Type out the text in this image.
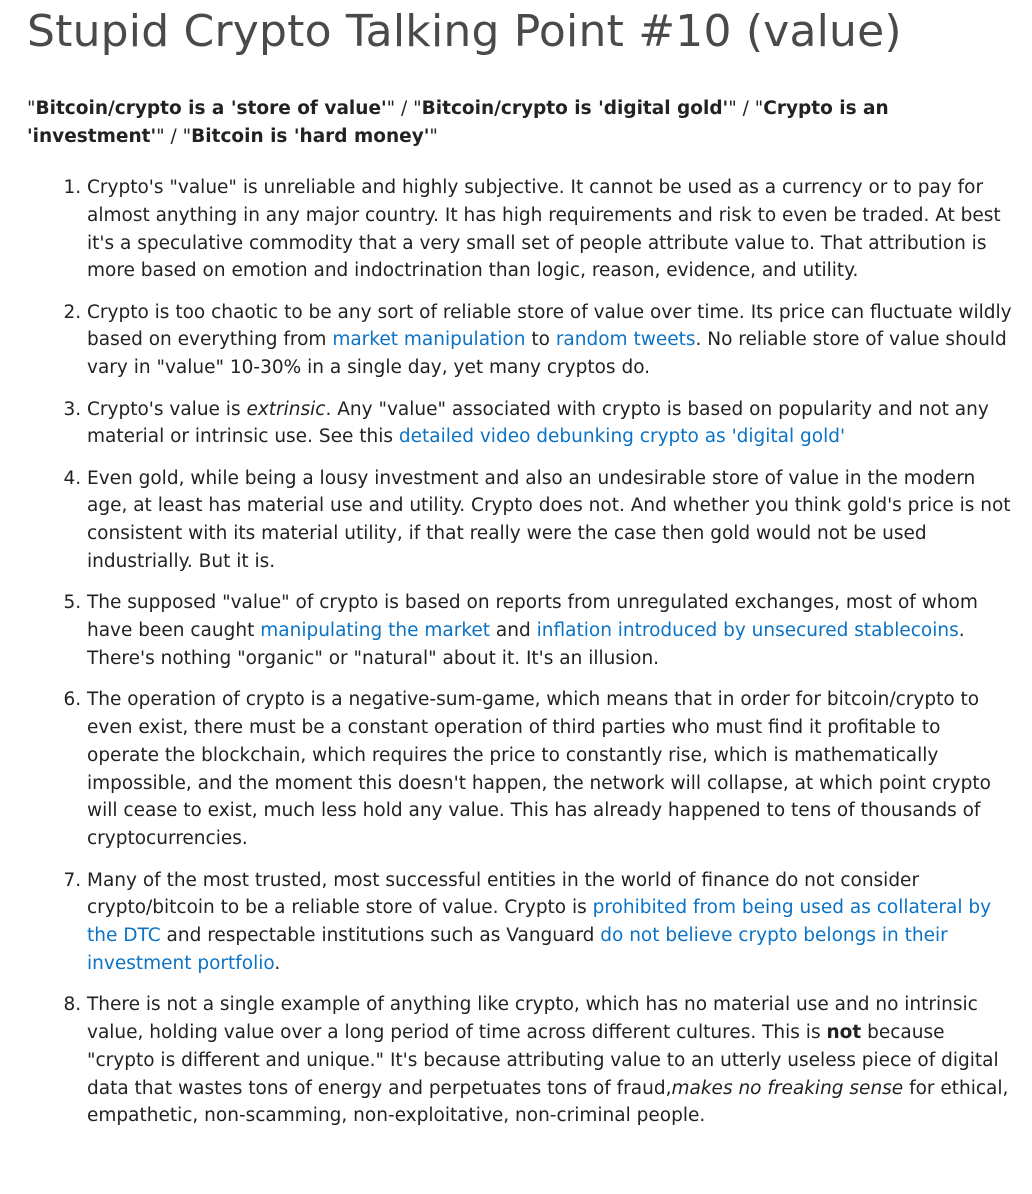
Stupid Crypto Talking Point #10 (value)

"Bitcoin/crypto is a 'store of value'" / "Bitcoin/crypto is 'digital gold'" / "Crypto is an 'investment'" / "Bitcoin is 'hard money'"

1. Crypto's "value" is unreliable and highly subjective. It cannot be used as a currency or to pay for almost anything in any major country. It has high requirements and risk to even be traded. At best it's a speculative commodity that a very small set of people attribute value to. That attribution is more based on emotion and indoctrination than logic, reason, evidence, and utility.
2. Crypto is too chaotic to be any sort of reliable store of value over time. Its price can fluctuate wildly based on everything from market manipulation to random tweets. No reliable store of value should vary in "value" 10-30% in a single day, yet many cryptos do.
3. Crypto's value is extrinsic. Any "value" associated with crypto is based on popularity and not any material or intrinsic use. See this detailed video debunking crypto as 'digital gold'
4. Even gold, while being a lousy investment and also an undesirable store of value in the modern age, at least has material use and utility. Crypto does not. And whether you think gold's price is not consistent with its material utility, if that really were the case then gold would not be used industrially. But it is.
5. The supposed "value" of crypto is based on reports from unregulated exchanges, most of whom have been caught manipulating the market and inflation introduced by unsecured stablecoins. There's nothing "organic" or "natural" about it. It's an illusion.
6. The operation of crypto is a negative-sum-game, which means that in order for bitcoin/crypto to even exist, there must be a constant operation of third parties who must find it profitable to operate the blockchain, which requires the price to constantly rise, which is mathematically impossible, and the moment this doesn't happen, the network will collapse, at which point crypto will cease to exist, much less hold any value. This has already happened to tens of thousands of cryptocurrencies.
7. Many of the most trusted, most successful entities in the world of finance do not consider crypto/bitcoin to be a reliable store of value. Crypto is prohibited from being used as collateral by the DTC and respectable institutions such as Vanguard do not believe crypto belongs in their investment portfolio.
8. There is not a single example of anything like crypto, which has no material use and no intrinsic value, holding value over a long period of time across different cultures. This is not because "crypto is different and unique." It's because attributing value to an utterly useless piece of digital data that wastes tons of energy and perpetuates tons of fraud,makes no freaking sense for ethical, empathetic, non-scamming, non-exploitative, non-criminal people.
